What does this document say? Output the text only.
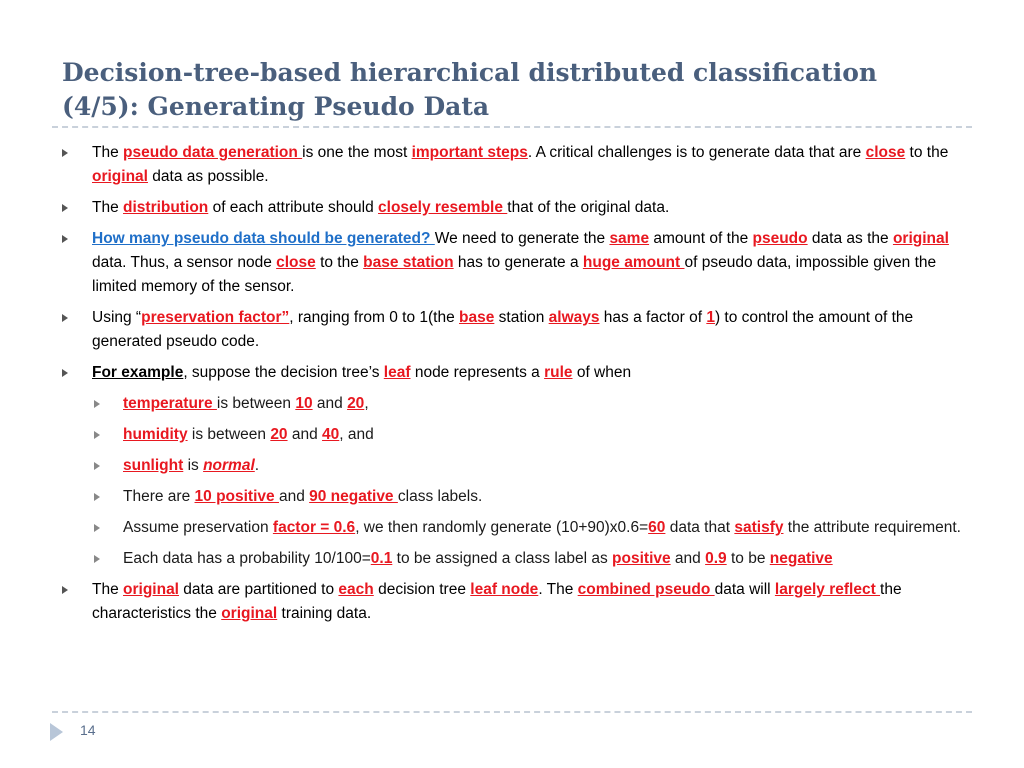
Decision-tree-based hierarchical distributed classification
(4/5): Generating Pseudo Data
The pseudo data generation is one the most important steps. A critical challenges is to generate data that are close to the original data as possible.
The distribution of each attribute should closely resemble that of the original data.
How many pseudo data should be generated? We need to generate the same amount of the pseudo data as the original data. Thus, a sensor node close to the base station has to generate a huge amount of pseudo data, impossible given the limited memory of the sensor.
Using “preservation factor”, ranging from 0 to 1(the base station always has a factor of 1) to control the amount of the generated pseudo code.
For example, suppose the decision tree’s leaf node represents a rule of when
temperature is between 10 and 20,
humidity is between 20 and 40, and
sunlight is normal.
There are 10 positive and 90 negative class labels.
Assume preservation factor = 0.6, we then randomly generate (10+90)x0.6=60 data that satisfy the attribute requirement.
Each data has a probability 10/100=0.1 to be assigned a class label as positive and 0.9 to be negative
The original data are partitioned to each decision tree leaf node. The combined pseudo data will largely reflect the characteristics the original training data.
14
